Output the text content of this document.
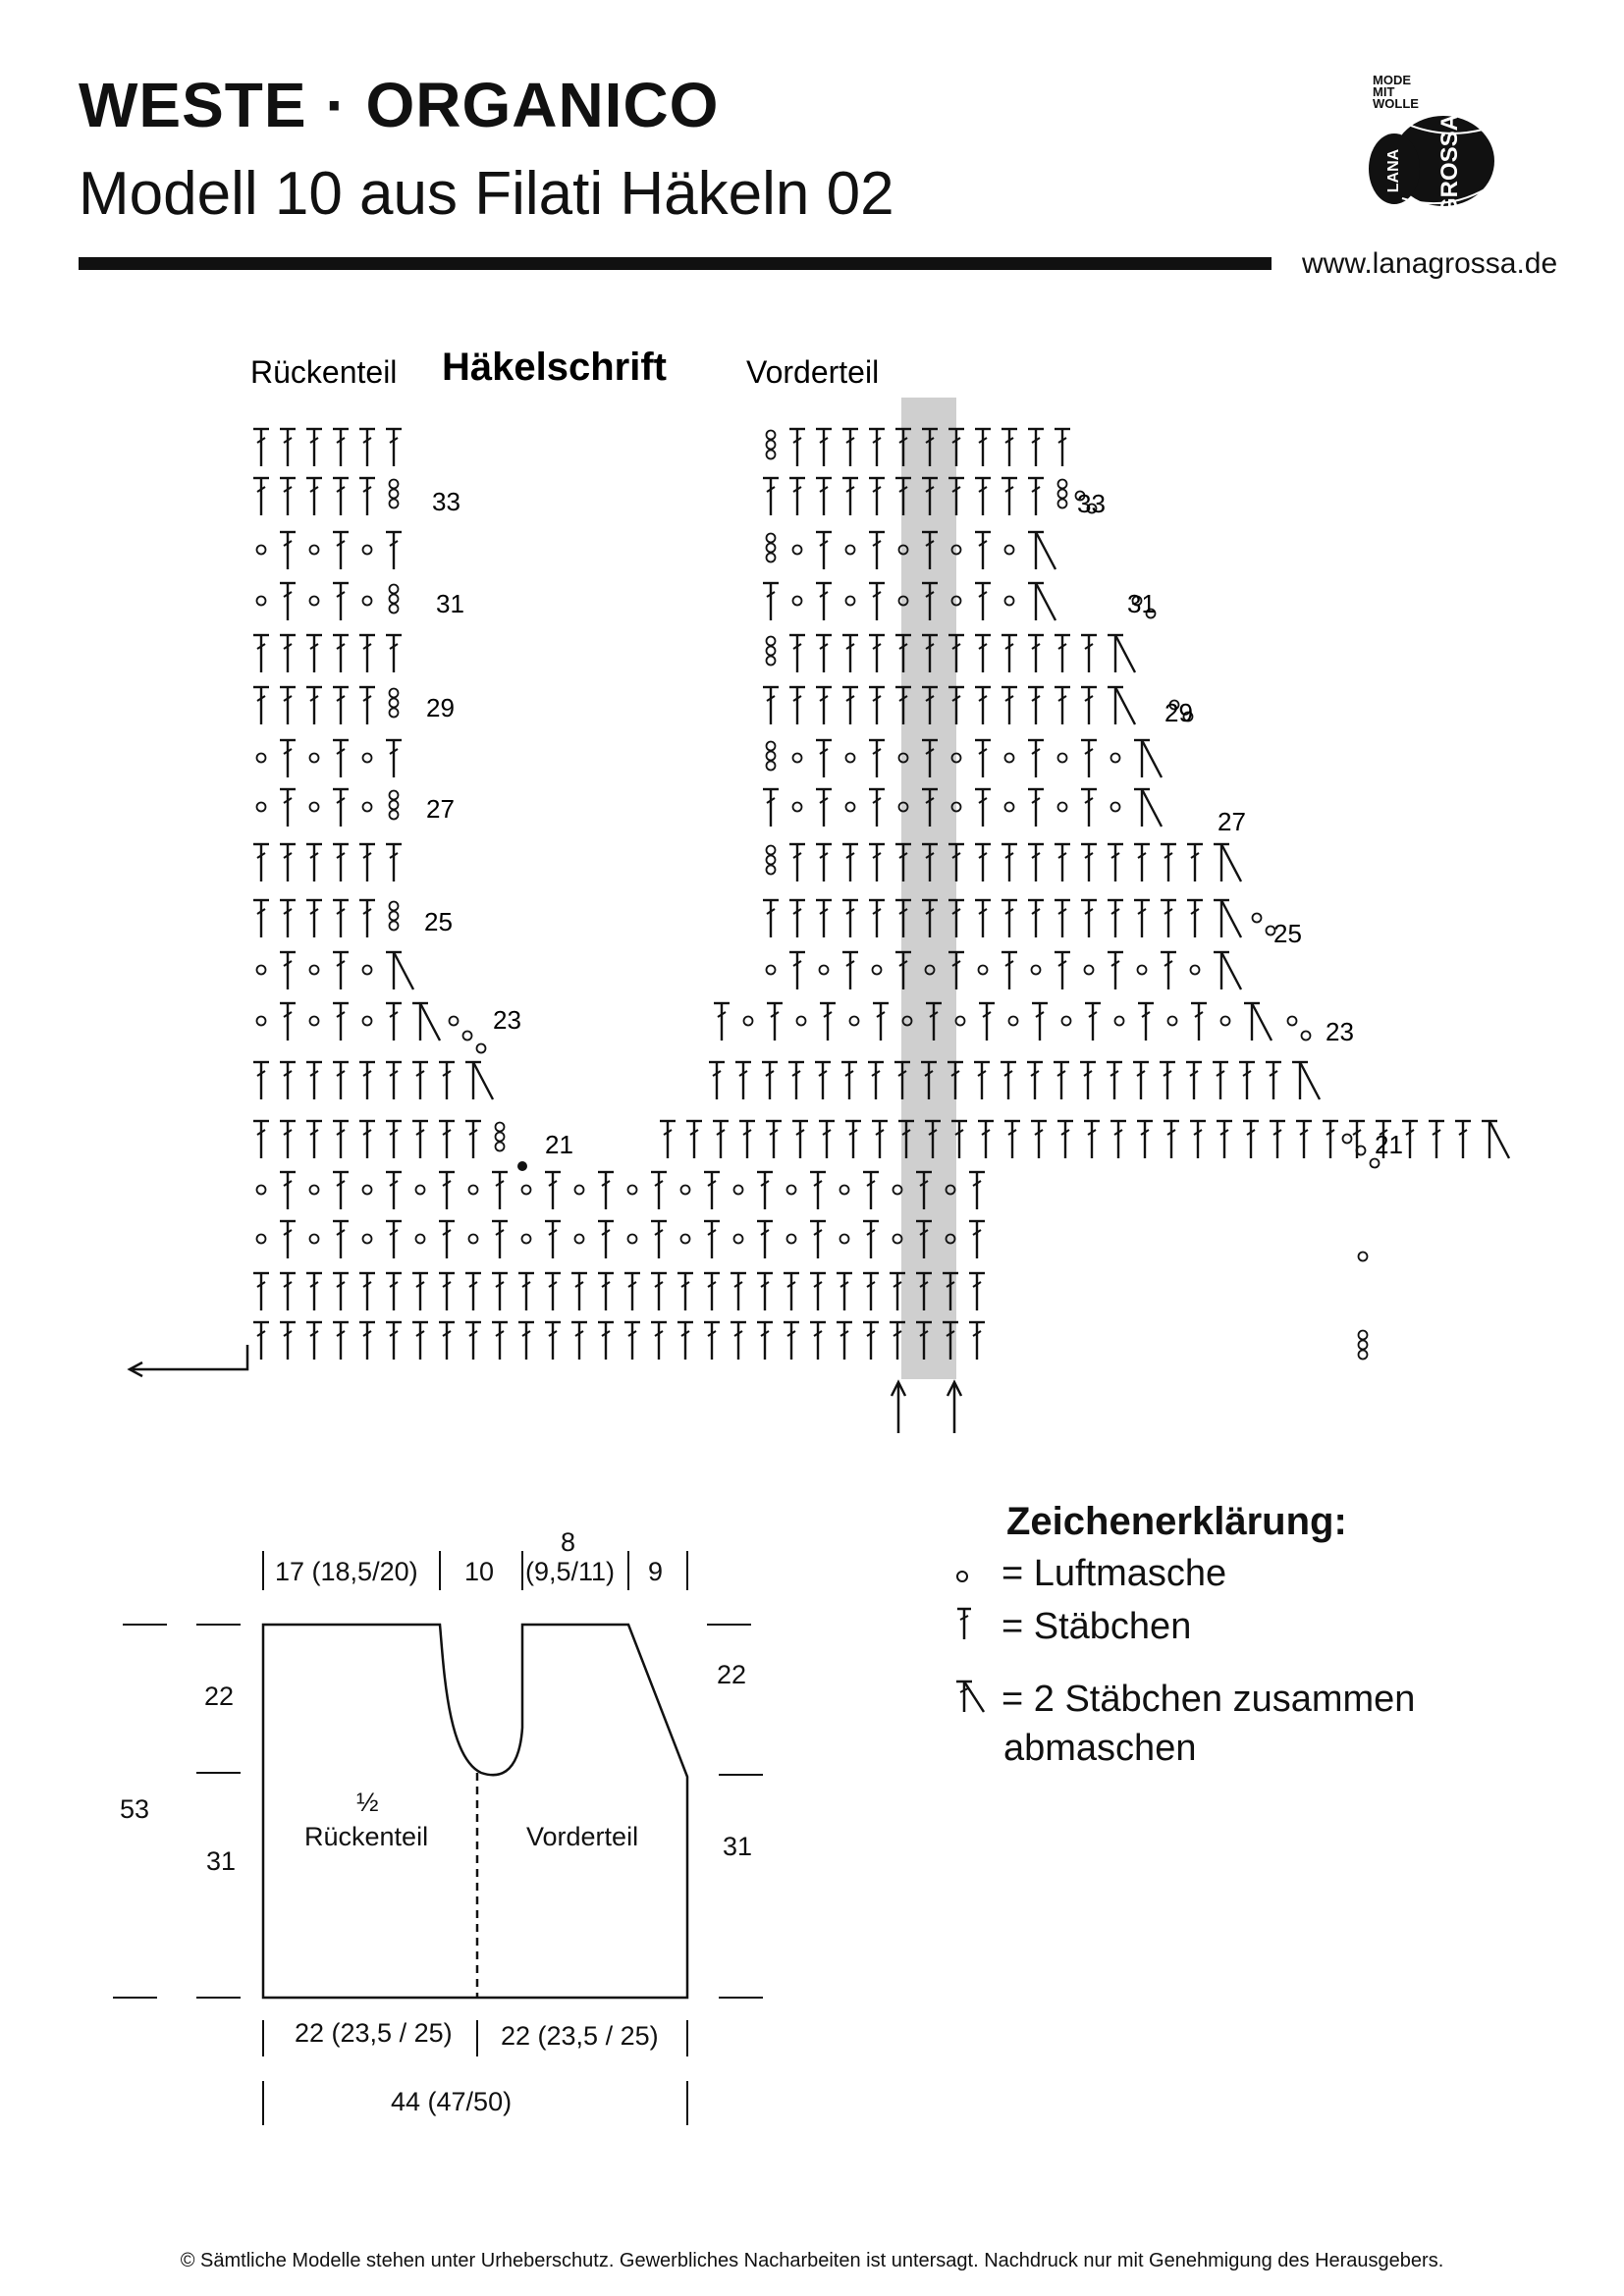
WESTE · ORGANICO
Modell 10 aus Filati Häkeln 02
www.lanagrossa.de
MODE
MIT
WOLLE
LANA GROSSA
Rückenteil Häkelschrift	Vorderteil
33
31
29
27
25
23
21
33
31
29
27
25
23
21
17 (18,5/20) 10
8
(9,5/11) 9
22
53
31
22
31
½
Rückenteil	Vorderteil
22 (23,5 / 25) 22 (23,5 / 25)
44 (47/50)
Zeichenerklärung:
= Luftmasche
= Stäbchen
= 2 Stäbchen zusammen
abmaschen
© Sämtliche Modelle stehen unter Urheberschutz. Gewerbliches Nacharbeiten ist untersagt. Nachdruck nur mit Genehmigung des Herausgebers.
